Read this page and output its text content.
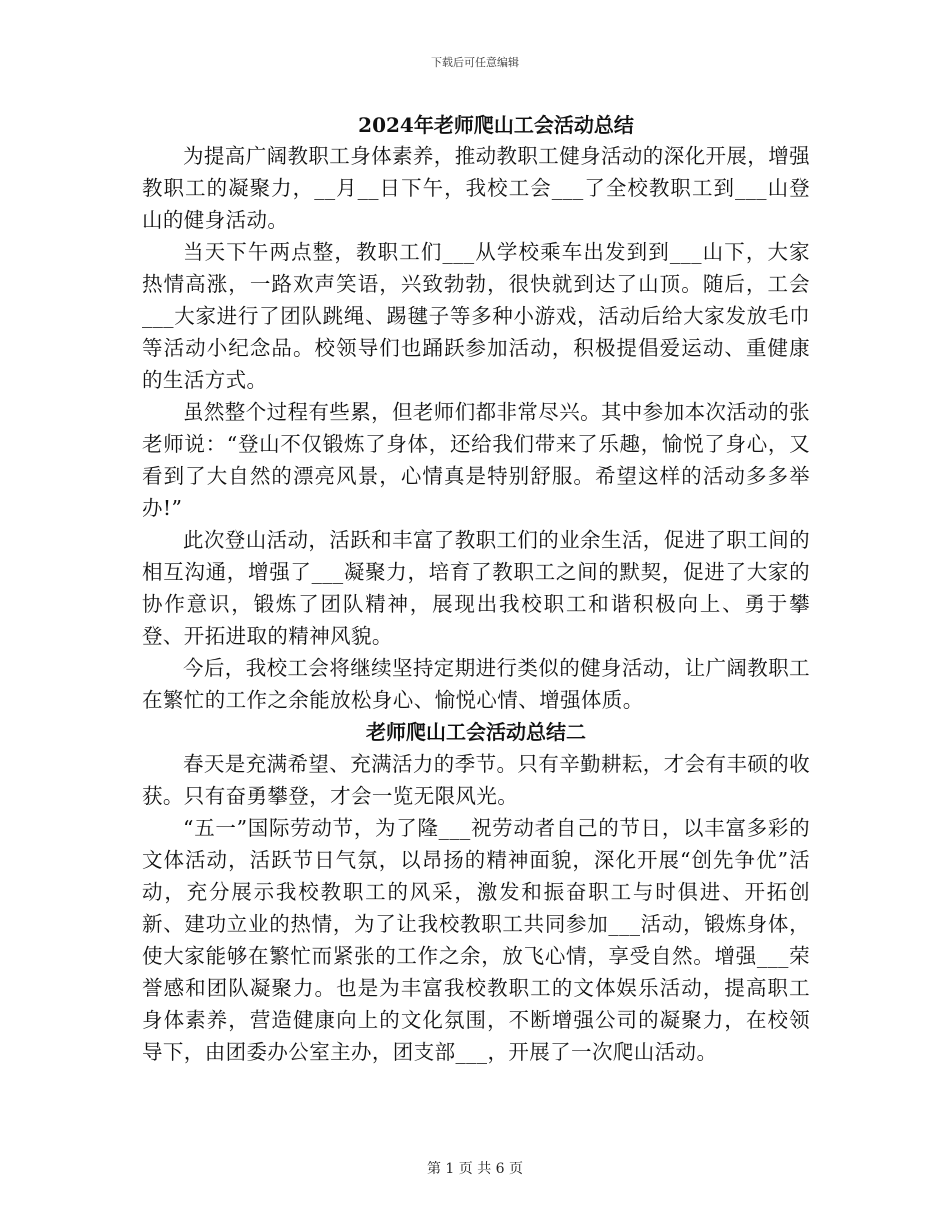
下载后可任意编辑
2024年老师爬山工会活动总结

为提高广阔教职工身体素养，推动教职工健身活动的深化开展，增强教职工的凝聚力，__月__日下午，我校工会___了全校教职工到___山登山的健身活动。

当天下午两点整，教职工们___从学校乘车出发到到___山下，大家热情高涨，一路欢声笑语，兴致勃勃，很快就到达了山顶。随后，工会___大家进行了团队跳绳、踢毽子等多种小游戏，活动后给大家发放毛巾等活动小纪念品。校领导们也踊跃参加活动，积极提倡爱运动、重健康的生活方式。

虽然整个过程有些累，但老师们都非常尽兴。其中参加本次活动的张老师说：“登山不仅锻炼了身体，还给我们带来了乐趣，愉悦了身心，又看到了大自然的漂亮风景，心情真是特别舒服。希望这样的活动多多举办!”

此次登山活动，活跃和丰富了教职工们的业余生活，促进了职工间的相互沟通，增强了___凝聚力，培育了教职工之间的默契，促进了大家的协作意识，锻炼了团队精神，展现出我校职工和谐积极向上、勇于攀登、开拓进取的精神风貌。

今后，我校工会将继续坚持定期进行类似的健身活动，让广阔教职工在繁忙的工作之余能放松身心、愉悦心情、增强体质。

老师爬山工会活动总结二

春天是充满希望、充满活力的季节。只有辛勤耕耘，才会有丰硕的收获。只有奋勇攀登，才会一览无限风光。

“五一”国际劳动节，为了隆___祝劳动者自己的节日，以丰富多彩的文体活动，活跃节日气氛，以昂扬的精神面貌，深化开展“创先争优”活动，充分展示我校教职工的风采，激发和振奋职工与时俱进、开拓创新、建功立业的热情，为了让我校教职工共同参加___活动，锻炼身体，使大家能够在繁忙而紧张的工作之余，放飞心情，享受自然。增强___荣誉感和团队凝聚力。也是为丰富我校教职工的文体娱乐活动，提高职工身体素养，营造健康向上的文化氛围，不断增强公司的凝聚力，在校领导下，由团委办公室主办，团支部___，开展了一次爬山活动。

第 1 页 共 6 页
